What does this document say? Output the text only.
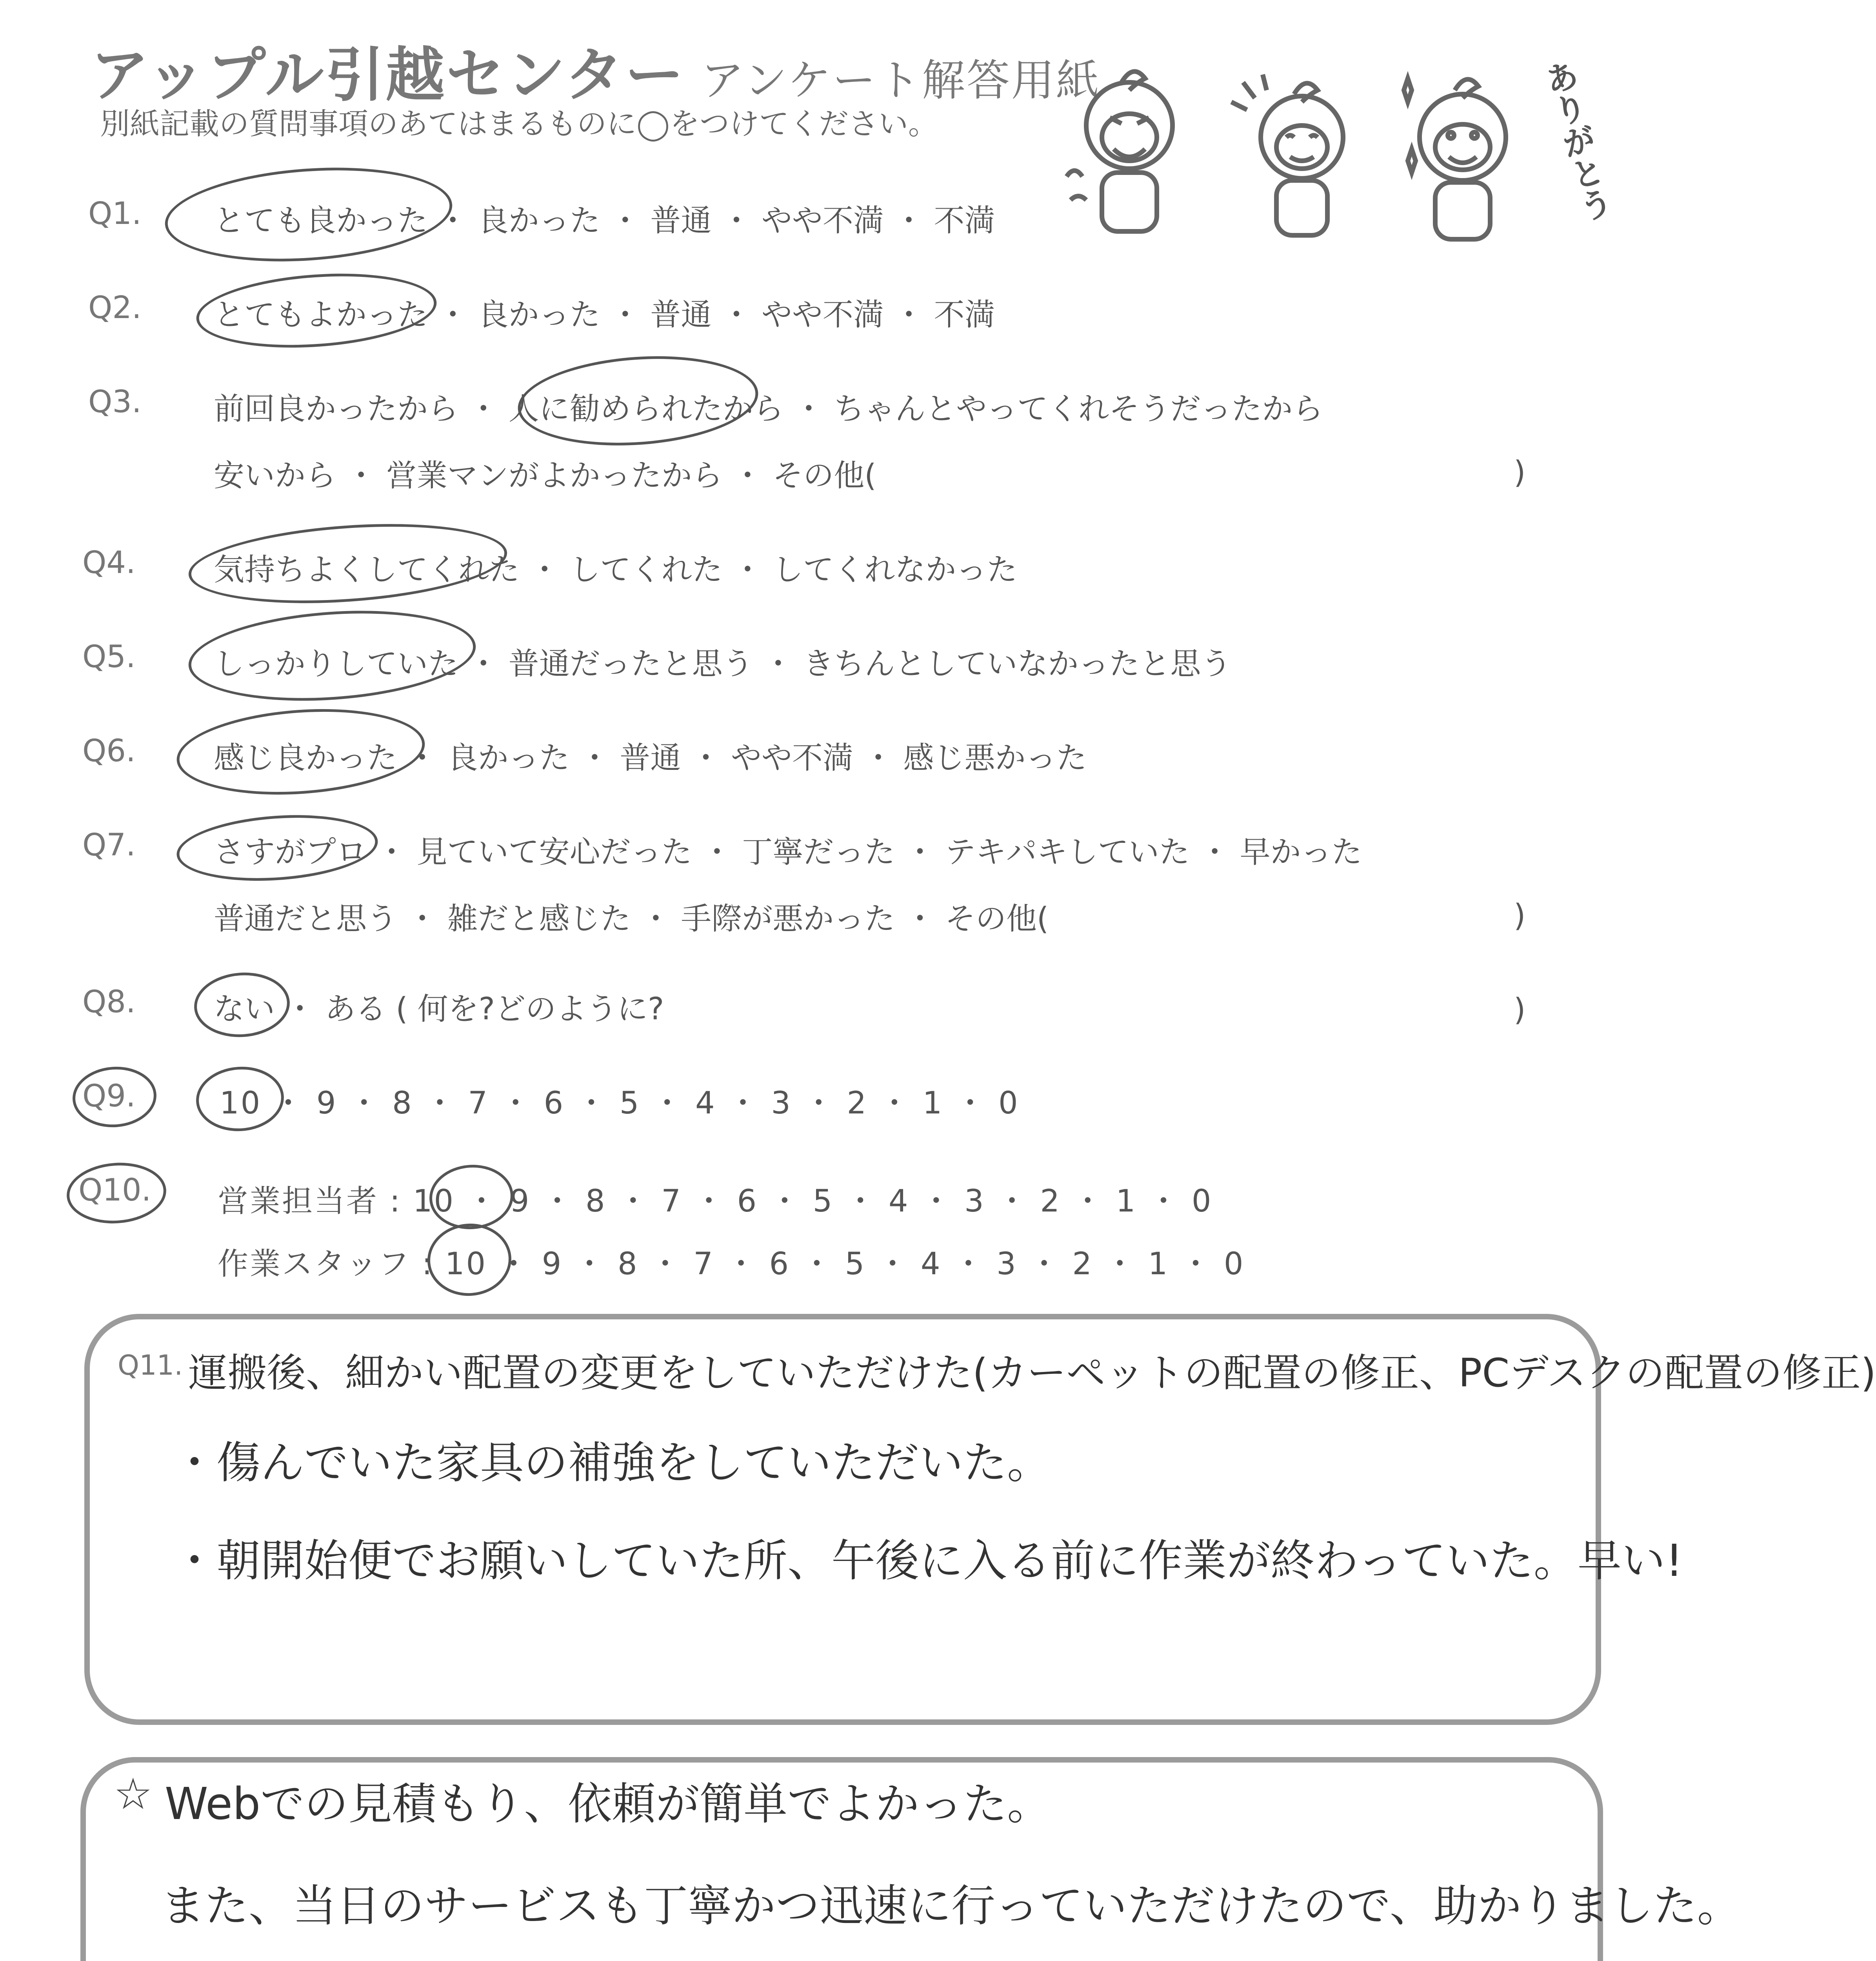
アップル引越センター アンケート解答用紙
別紙記載の質問事項のあてはまるものに◯をつけてください。	ありがとう
Q1. とても良かった ・ 良かった ・ 普通 ・ やや不満 ・ 不満
Q2. とてもよかった ・ 良かった ・ 普通 ・ やや不満 ・ 不満
Q3. 前回良かったから ・ 人に勧められたから ・ ちゃんとやってくれそうだったから
安いから ・ 営業マンがよかったから ・ その他(	)
Q4.	気持ちよくしてくれた ・ してくれた ・ してくれなかった
Q5.	しっかりしていた ・ 普通だったと思う ・ きちんとしていなかったと思う
Q6.	感じ良かった ・ 良かった ・ 普通 ・ やや不満 ・ 感じ悪かった
Q7.	さすがプロ ・ 見ていて安心だった ・ 丁寧だった ・ テキパキしていた ・ 早かった
普通だと思う ・ 雑だと感じた ・ 手際が悪かった ・ その他(	)
Q8.	ない ・ ある ( 何を?どのように?	)
Q9.	10 ・ 9 ・ 8 ・ 7 ・ 6 ・ 5 ・ 4 ・ 3 ・ 2 ・ 1 ・ 0
Q10. 営業担当者 : 10 ・ 9 ・ 8 ・ 7 ・ 6 ・ 5 ・ 4 ・ 3 ・ 2 ・ 1 ・ 0
作業スタッフ : 10 ・ 9 ・ 8 ・ 7 ・ 6 ・ 5 ・ 4 ・ 3 ・ 2 ・ 1 ・ 0
Q11. 運搬後、細かい配置の変更をしていただけた(カーペットの配置の修正、PCデスクの配置の修正)
・傷んでいた家具の補強をしていただいた。
・朝開始便でお願いしていた所、午後に入る前に作業が終わっていた。早い!
☆ Webでの見積もり、依頼が簡単でよかった。
また、当日のサービスも丁寧かつ迅速に行っていただけたので、助かりました。
